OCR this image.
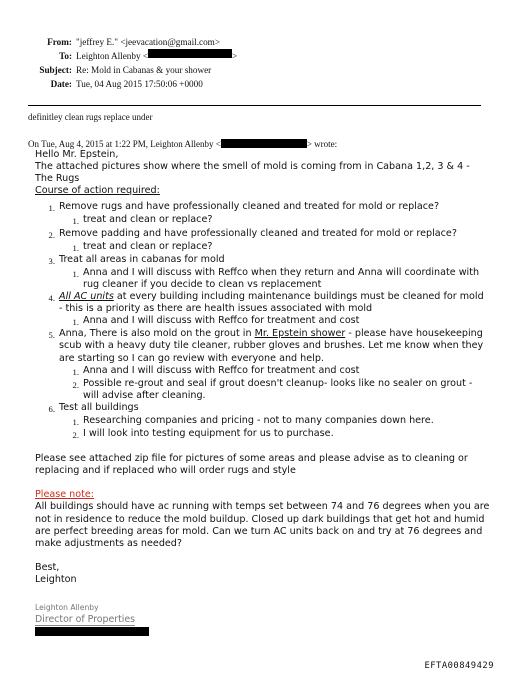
From: "jeffrey E." <jeevacation@gmail.com>
To: Leighton Allenby <	>
Subject: Re: Mold in Cabanas & your shower
Date: Tue, 04 Aug 2015 17:50:06 +0000
definitley clean rugs replace under
On Tue, Aug 4, 2015 at 1:22 PM, Leighton Allenby <	> wrote:

Hello Mr. Epstein,

The attached pictures show where the smell of mold is coming from in Cabana 1,2, 3 & 4 - The Rugs

Course of action required:

1. Remove rugs and have professionally cleaned and treated for mold or replace?
1. treat and clean or replace?
2. Remove padding and have professionally cleaned and treated for mold or replace?
1. treat and clean or replace?
3. Treat all areas in cabanas for mold
1. Anna and I will discuss with Reffco when they return and Anna will coordinate with rug cleaner if you decide to clean vs replacement
4. All AC units at every building including maintenance buildings must be cleaned for mold - this is a priority as there are health issues associated with mold
1. Anna and I will discuss with Reffco for treatment and cost
5. Anna, There is also mold on the grout in Mr. Epstein shower - please have housekeeping scub with a heavy duty tile cleaner, rubber gloves and brushes. Let me know when they are starting so I can go review with everyone and help.
1. Anna and I will discuss with Reffco for treatment and cost
2. Possible re-grout and seal if grout doesn't cleanup- looks like no sealer on grout - will advise after cleaning.
6. Test all buildings
1. Researching companies and pricing - not to many companies down here.
2. I will look into testing equipment for us to purchase.

Please see attached zip file for pictures of some areas and please advise as to cleaning or replacing and if replaced who will order rugs and style

Please note:

All buildings should have ac running with temps set between 74 and 76 degrees when you are not in residence to reduce the mold buildup. Closed up dark buildings that get hot and humid are perfect breeding areas for mold. Can we turn AC units back on and try at 76 degrees and make adjustments as needed?

Best,

Leighton

Leighton Allenby
Director of Properties
EFTA00849429
